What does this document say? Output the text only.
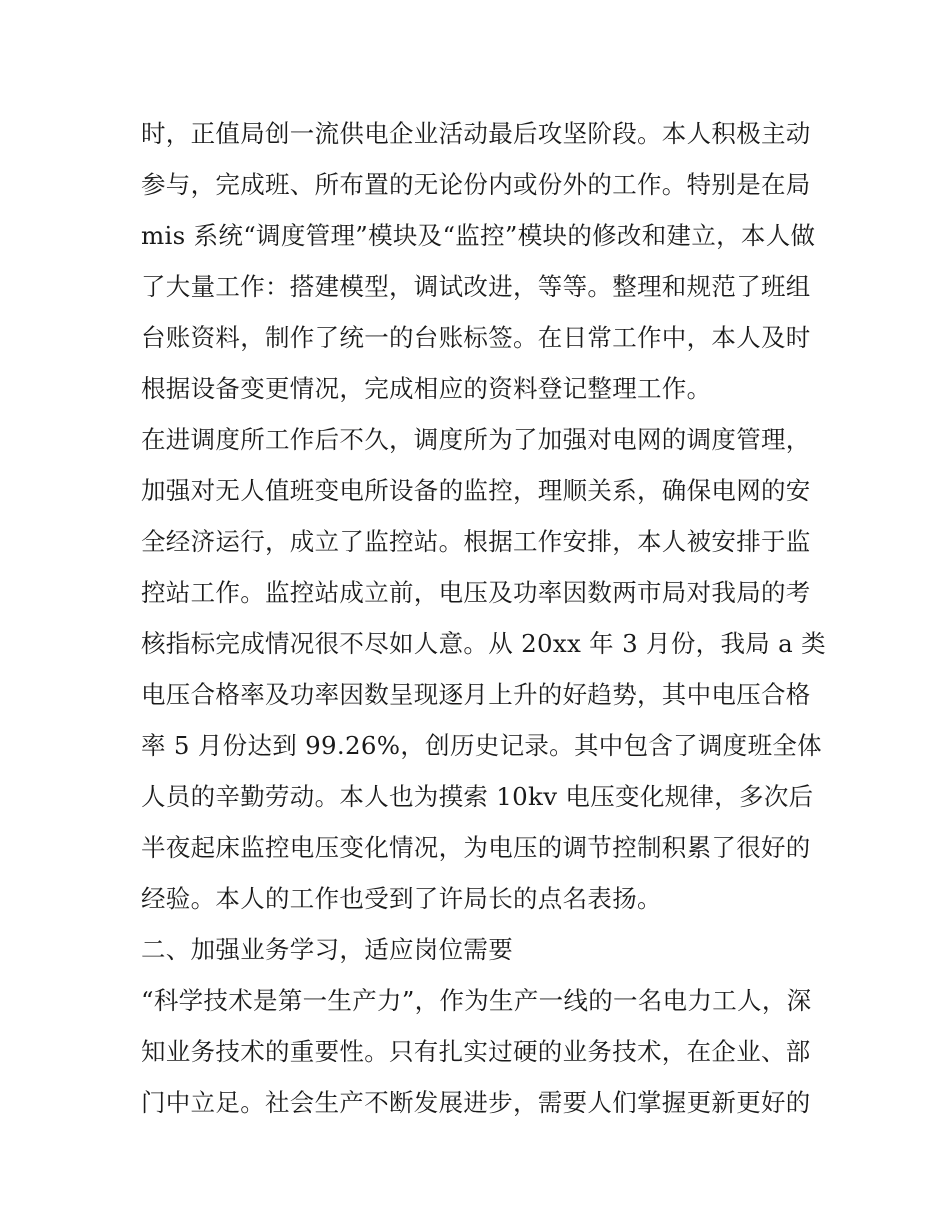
时，正值局创一流供电企业活动最后攻坚阶段。本人积极主动
参与，完成班、所布置的无论份内或份外的工作。特别是在局
mis 系统“调度管理”模块及“监控”模块的修改和建立，本人做
了大量工作：搭建模型，调试改进，等等。整理和规范了班组
台账资料，制作了统一的台账标签。在日常工作中，本人及时
根据设备变更情况，完成相应的资料登记整理工作。
在进调度所工作后不久，调度所为了加强对电网的调度管理，
加强对无人值班变电所设备的监控，理顺关系，确保电网的安
全经济运行，成立了监控站。根据工作安排，本人被安排于监
控站工作。监控站成立前，电压及功率因数两市局对我局的考
核指标完成情况很不尽如人意。从 20xx 年 3 月份，我局 a 类
电压合格率及功率因数呈现逐月上升的好趋势，其中电压合格
率 5 月份达到 99.26%，创历史记录。其中包含了调度班全体
人员的辛勤劳动。本人也为摸索 10kv 电压变化规律，多次后
半夜起床监控电压变化情况，为电压的调节控制积累了很好的
经验。本人的工作也受到了许局长的点名表扬。
二、加强业务学习，适应岗位需要
“科学技术是第一生产力”，作为生产一线的一名电力工人，深
知业务技术的重要性。只有扎实过硬的业务技术，在企业、部
门中立足。社会生产不断发展进步，需要人们掌握更新更好的
